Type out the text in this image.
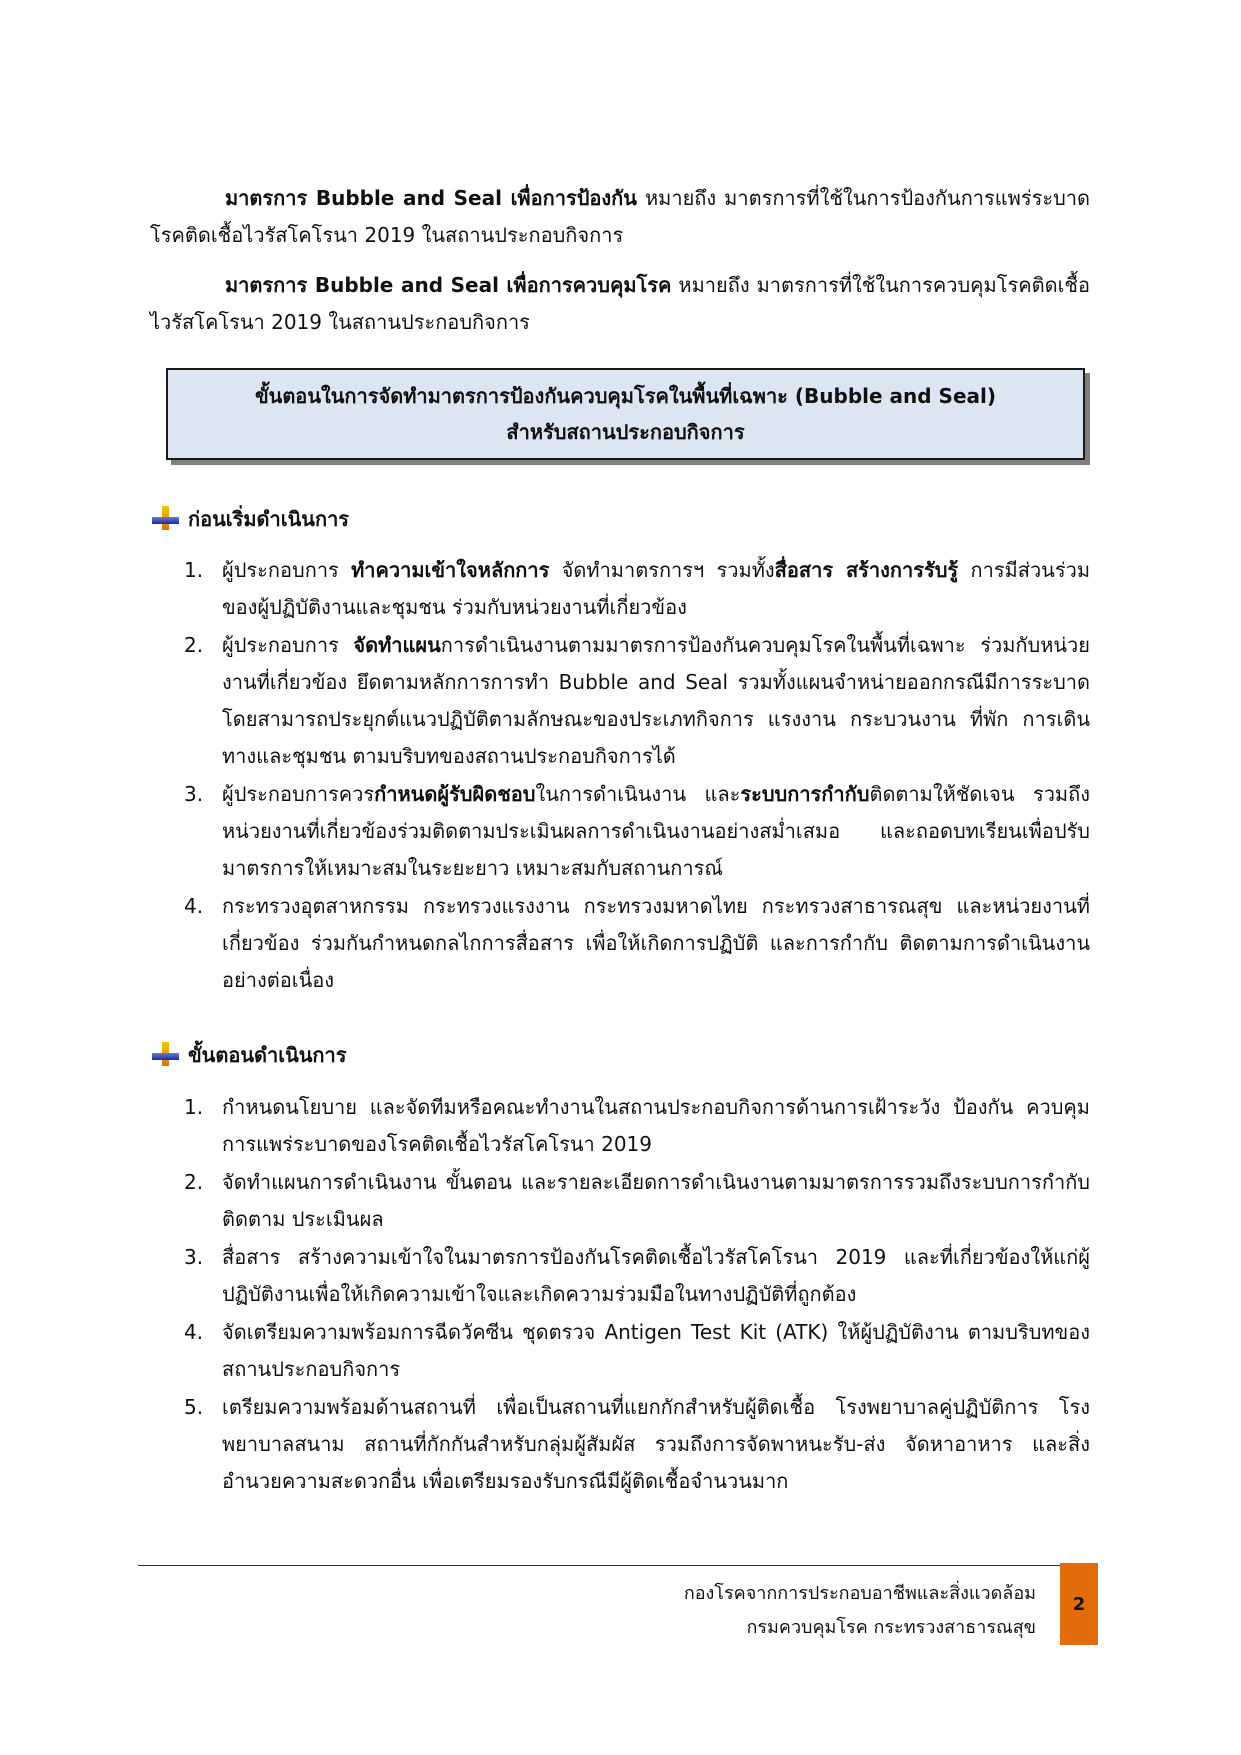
มาตรการ Bubble and Seal เพื่อการป้องกัน หมายถึง มาตรการที่ใช้ในการป้องกันการแพร่ระบาดโรคติดเชื้อไวรัสโคโรนา 2019 ในสถานประกอบกิจการ

มาตรการ Bubble and Seal เพื่อการควบคุมโรค หมายถึง มาตรการที่ใช้ในการควบคุมโรคติดเชื้อไวรัสโคโรนา 2019 ในสถานประกอบกิจการ

ขั้นตอนในการจัดทำมาตรการป้องกันควบคุมโรคในพื้นที่เฉพาะ (Bubble and Seal)
สำหรับสถานประกอบกิจการ
ก่อนเริ่มดำเนินการ
1. ผู้ประกอบการ ทำความเข้าใจหลักการ จัดทำมาตรการฯ รวมทั้งสื่อสาร สร้างการรับรู้ การมีส่วนร่วมของผู้ปฏิบัติงานและชุมชน ร่วมกับหน่วยงานที่เกี่ยวข้อง
2. ผู้ประกอบการ จัดทำแผนการดำเนินงานตามมาตรการป้องกันควบคุมโรคในพื้นที่เฉพาะ ร่วมกับหน่วยงานที่เกี่ยวข้อง ยึดตามหลักการการทำ Bubble and Seal รวมทั้งแผนจำหน่ายออกกรณีมีการระบาด โดยสามารถประยุกต์แนวปฏิบัติตามลักษณะของประเภทกิจการ แรงงาน กระบวนงาน ที่พัก การเดินทางและชุมชน ตามบริบทของสถานประกอบกิจการได้
3. ผู้ประกอบการควรกำหนดผู้รับผิดชอบในการดำเนินงาน และระบบการกำกับติดตามให้ชัดเจน รวมถึงหน่วยงานที่เกี่ยวข้องร่วมติดตามประเมินผลการดำเนินงานอย่างสม่ำเสมอ และถอดบทเรียนเพื่อปรับมาตรการให้เหมาะสมในระยะยาว เหมาะสมกับสถานการณ์
4. กระทรวงอุตสาหกรรม กระทรวงแรงงาน กระทรวงมหาดไทย กระทรวงสาธารณสุข และหน่วยงานที่เกี่ยวข้อง ร่วมกันกำหนดกลไกการสื่อสาร เพื่อให้เกิดการปฏิบัติ และการกำกับ ติดตามการดำเนินงานอย่างต่อเนื่อง
ขั้นตอนดำเนินการ
1. กำหนดนโยบาย และจัดทีมหรือคณะทำงานในสถานประกอบกิจการด้านการเฝ้าระวัง ป้องกัน ควบคุม การแพร่ระบาดของโรคติดเชื้อไวรัสโคโรนา 2019
2. จัดทำแผนการดำเนินงาน ขั้นตอน และรายละเอียดการดำเนินงานตามมาตรการรวมถึงระบบการกำกับติดตาม ประเมินผล
3. สื่อสาร สร้างความเข้าใจในมาตรการป้องกันโรคติดเชื้อไวรัสโคโรนา 2019 และที่เกี่ยวข้องให้แก่ผู้ปฏิบัติงานเพื่อให้เกิดความเข้าใจและเกิดความร่วมมือในทางปฏิบัติที่ถูกต้อง
4. จัดเตรียมความพร้อมการฉีดวัคซีน ชุดตรวจ Antigen Test Kit (ATK) ให้ผู้ปฏิบัติงาน ตามบริบทของสถานประกอบกิจการ
5. เตรียมความพร้อมด้านสถานที่ เพื่อเป็นสถานที่แยกกักสำหรับผู้ติดเชื้อ โรงพยาบาลคู่ปฏิบัติการ โรงพยาบาลสนาม สถานที่กักกันสำหรับกลุ่มผู้สัมผัส รวมถึงการจัดพาหนะรับ-ส่ง จัดหาอาหาร และสิ่งอำนวยความสะดวกอื่น เพื่อเตรียมรองรับกรณีมีผู้ติดเชื้อจำนวนมาก
กองโรคจากการประกอบอาชีพและสิ่งแวดล้อม
กรมควบคุมโรค กระทรวงสาธารณสุข
2
